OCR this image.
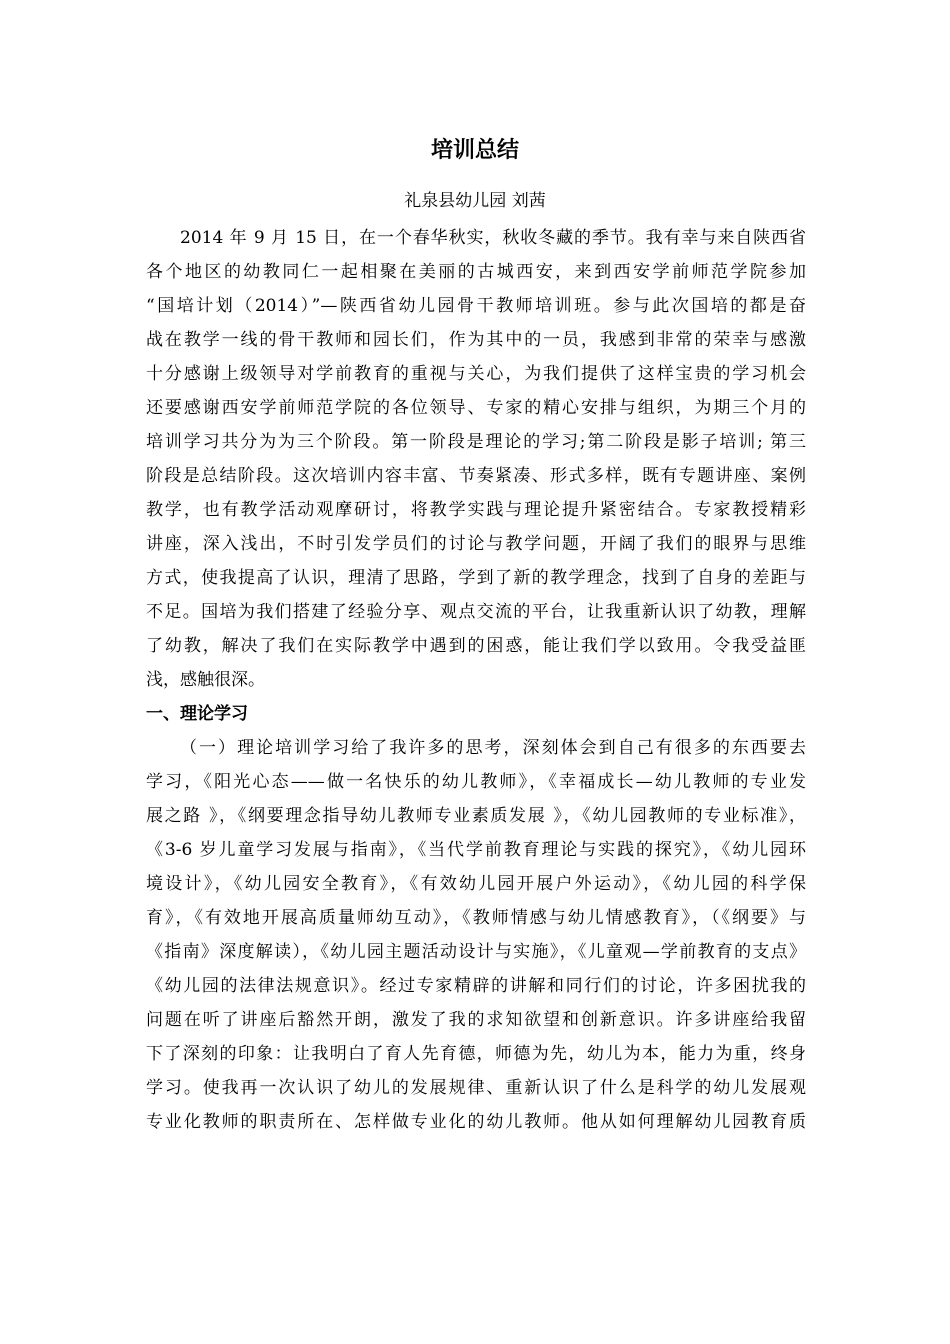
培训总结

礼泉县幼儿园 刘茜

2014 年 9 月 15 日，在一个春华秋实，秋收冬藏的季节。我有幸与来自陕西省

各个地区的幼教同仁一起相聚在美丽的古城西安，来到西安学前师范学院参加

“国培计划（2014）”—陕西省幼儿园骨干教师培训班。参与此次国培的都是奋

战在教学一线的骨干教师和园长们，作为其中的一员，我感到非常的荣幸与感激

十分感谢上级领导对学前教育的重视与关心，为我们提供了这样宝贵的学习机会

还要感谢西安学前师范学院的各位领导、专家的精心安排与组织，为期三个月的

培训学习共分为为三个阶段。第一阶段是理论的学习;第二阶段是影子培训; 第三

阶段是总结阶段。这次培训内容丰富、节奏紧凑、形式多样，既有专题讲座、案例

教学，也有教学活动观摩研讨，将教学实践与理论提升紧密结合。专家教授精彩

讲座，深入浅出，不时引发学员们的讨论与教学问题，开阔了我们的眼界与思维

方式，使我提高了认识，理清了思路，学到了新的教学理念，找到了自身的差距与

不足。国培为我们搭建了经验分享、观点交流的平台，让我重新认识了幼教，理解

了幼教，解决了我们在实际教学中遇到的困惑，能让我们学以致用。令我受益匪

浅，感触很深。

一、理论学习

（一）理论培训学习给了我许多的思考，深刻体会到自己有很多的东西要去

学习，《阳光心态——做一名快乐的幼儿教师》，《幸福成长—幼儿教师的专业发

展之路 》，《纲要理念指导幼儿教师专业素质发展 》，《幼儿园教师的专业标准》，

《3-6 岁儿童学习发展与指南》，《当代学前教育理论与实践的探究》，《幼儿园环

境设计》，《幼儿园安全教育》，《有效幼儿园开展户外运动》，《幼儿园的科学保

育》，《有效地开展高质量师幼互动》，《教师情感与幼儿情感教育》，（《纲要》与

《指南》深度解读），《幼儿园主题活动设计与实施》，《儿童观—学前教育的支点》

《幼儿园的法律法规意识》。经过专家精辟的讲解和同行们的讨论，许多困扰我的

问题在听了讲座后豁然开朗，激发了我的求知欲望和创新意识。许多讲座给我留

下了深刻的印象：让我明白了育人先育德，师德为先，幼儿为本，能力为重，终身

学习。使我再一次认识了幼儿的发展规律、重新认识了什么是科学的幼儿发展观

专业化教师的职责所在、怎样做专业化的幼儿教师。他从如何理解幼儿园教育质
